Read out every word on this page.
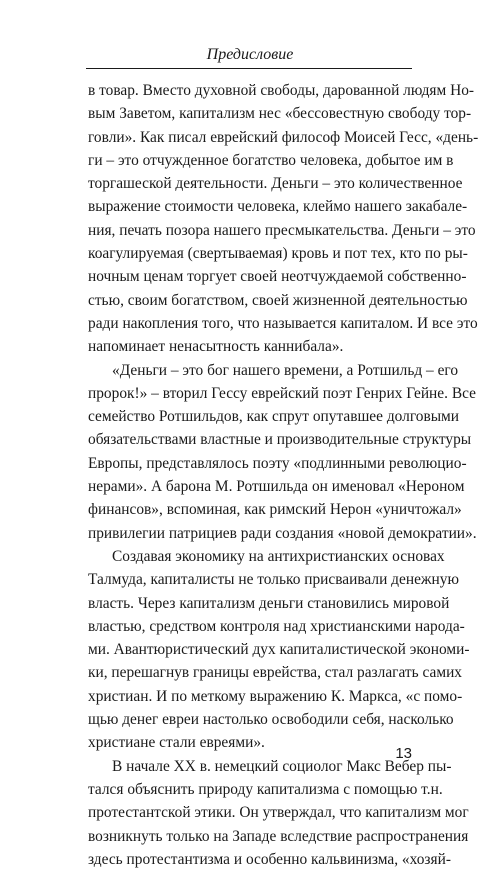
Предисловие
в товар. Вместо духовной свободы, дарованной людям Но-
вым Заветом, капитализм нес «бессовестную свободу тор-
говли». Как писал еврейский философ Моисей Гесс, «день-
ги – это отчужденное богатство человека, добытое им в
торгашеской деятельности. Деньги – это количественное
выражение стоимости человека, клеймо нашего закабале-
ния, печать позора нашего пресмыкательства. Деньги – это
коагулируемая (свертываемая) кровь и пот тех, кто по ры-
ночным ценам торгует своей неотчуждаемой собственно-
стью, своим богатством, своей жизненной деятельностью
ради накопления того, что называется капиталом. И все это
напоминает ненасытность каннибала».
«Деньги – это бог нашего времени, а Ротшильд – его
пророк!» – вторил Гессу еврейский поэт Генрих Гейне. Все
семейство Ротшильдов, как спрут опутавшее долговыми
обязательствами властные и производительные структуры
Европы, представлялось поэту «подлинными революцио-
нерами». А барона М. Ротшильда он именовал «Нероном
финансов», вспоминая, как римский Нерон «уничтожал»
привилегии патрициев ради создания «новой демократии».
Создавая экономику на антихристианских основах
Талмуда, капиталисты не только присваивали денежную
власть. Через капитализм деньги становились мировой
властью, средством контроля над христианскими народа-
ми. Авантюристический дух капиталистической экономи-
ки, перешагнув границы еврейства, стал разлагать самих
христиан. И по меткому выражению К. Маркса, «с помо-
щью денег евреи настолько освободили себя, насколько
христиане стали евреями».
В начале XX в. немецкий социолог Макс Вебер пы-
тался объяснить природу капитализма с помощью т.н.
протестантской этики. Он утверждал, что капитализм мог
возникнуть только на Западе вследствие распространения
здесь протестантизма и особенно кальвинизма, «хозяй-
13
